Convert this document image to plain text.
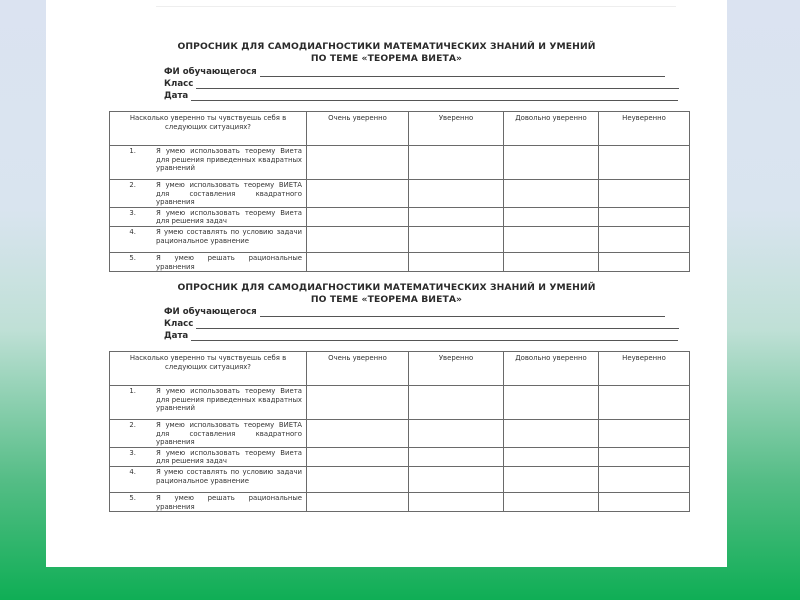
ОПРОСНИК ДЛЯ САМОДИАГНОСТИКИ МАТЕМАТИЧЕСКИХ ЗНАНИЙ И УМЕНИЙ
ПО ТЕМЕ «ТЕОРЕМА ВИЕТА»
ФИ обучающегося
Класс
Дата
Насколько уверенно ты чувствуешь себя в следующих ситуациях?	Очень уверенно	Уверенно	Довольно уверенно	Неуверенно

1. Я умею использовать теорему Виета для решения приведенных квадратных уравнений				

2. Я умею использовать теорему ВИЕТА для составления квадратного уравнения				

3. Я умею использовать теорему Виета для решения задач				

4. Я умею составлять по условию задачи рациональное уравнение				

5. Я умею решать рациональные уравнения				

ОПРОСНИК ДЛЯ САМОДИАГНОСТИКИ МАТЕМАТИЧЕСКИХ ЗНАНИЙ И УМЕНИЙ
ПО ТЕМЕ «ТЕОРЕМА ВИЕТА»
ФИ обучающегося
Класс
Дата
Насколько уверенно ты чувствуешь себя в следующих ситуациях?	Очень уверенно	Уверенно	Довольно уверенно	Неуверенно

1. Я умею использовать теорему Виета для решения приведенных квадратных уравнений				

2. Я умею использовать теорему ВИЕТА для составления квадратного уравнения				

3. Я умею использовать теорему Виета для решения задач				

4. Я умею составлять по условию задачи рациональное уравнение				

5. Я умею решать рациональные уравнения				
